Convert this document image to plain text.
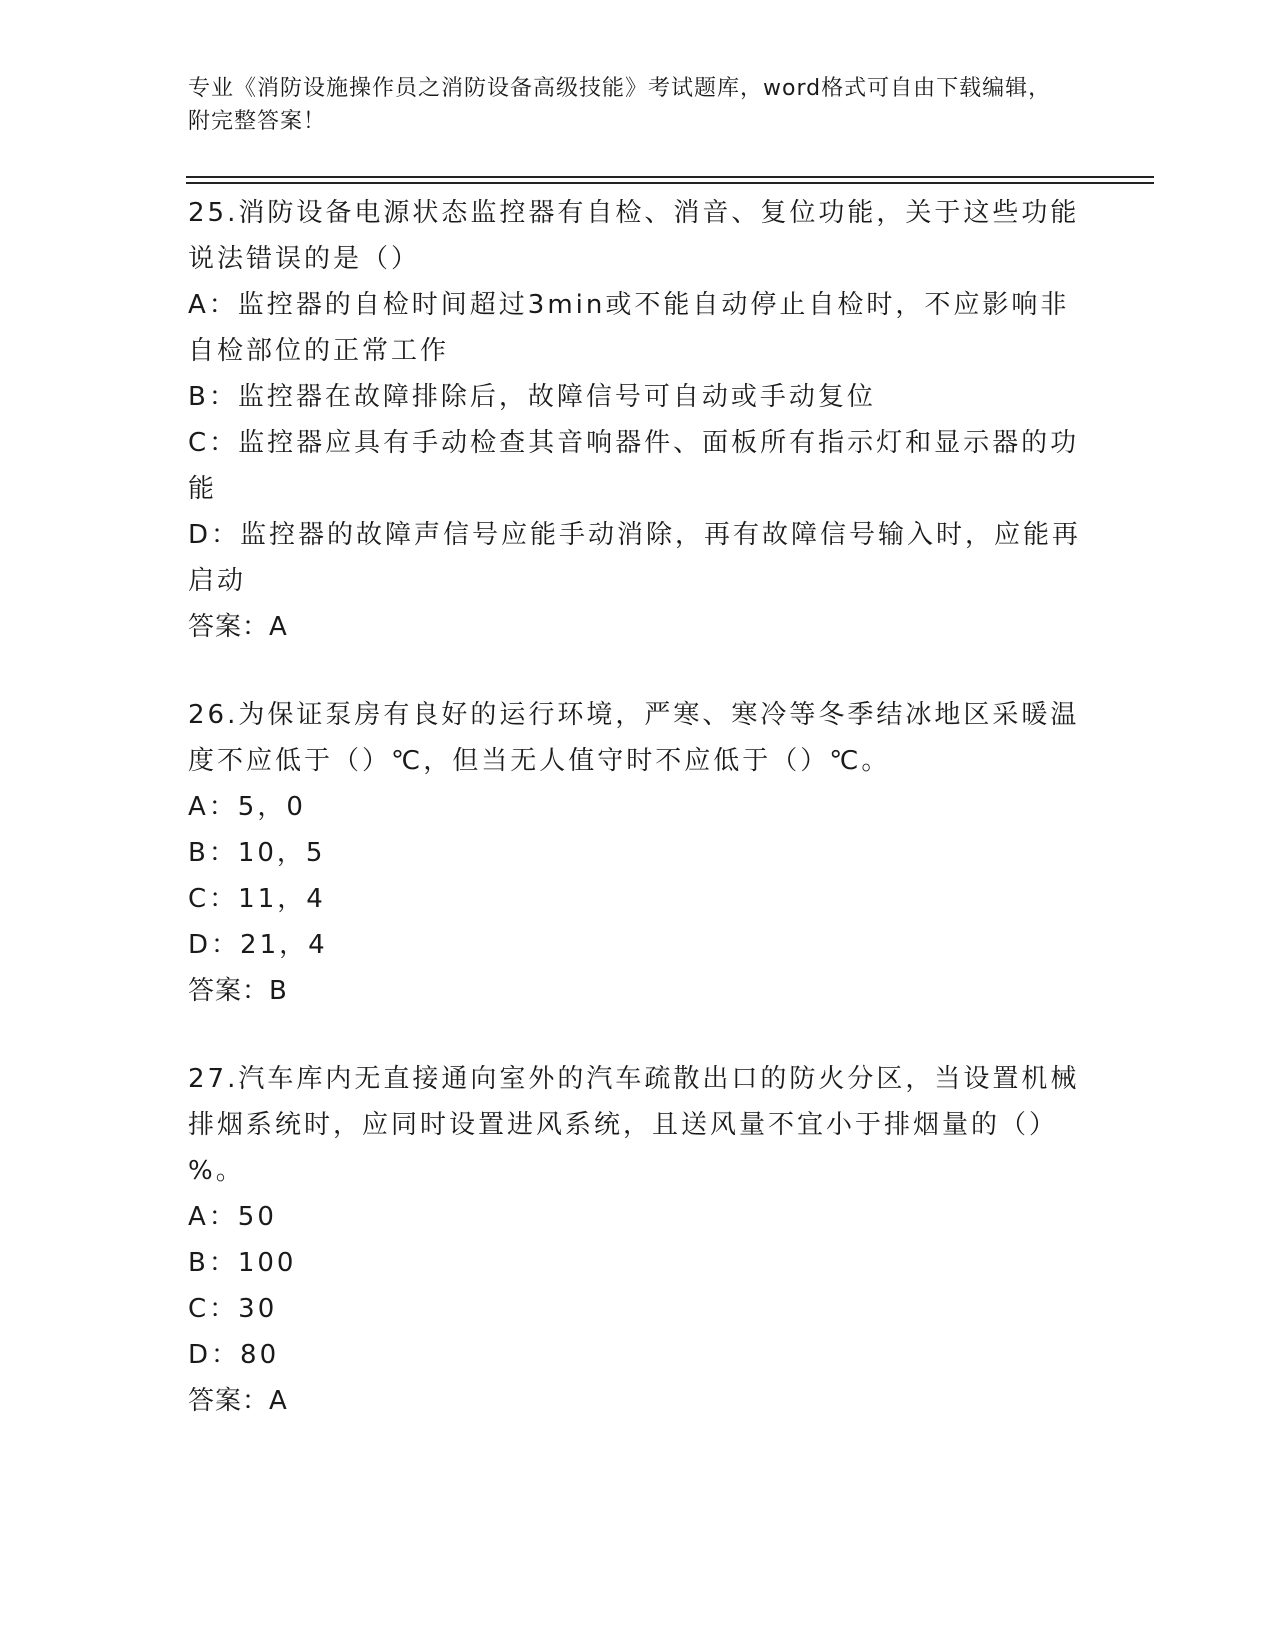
专业《消防设施操作员之消防设备高级技能》考试题库，word格式可自由下载编辑，附完整答案！

25.消防设备电源状态监控器有自检、消音、复位功能，关于这些功能说法错误的是（）

A：监控器的自检时间超过3min或不能自动停止自检时，不应影响非自检部位的正常工作

B：监控器在故障排除后，故障信号可自动或手动复位

C：监控器应具有手动检查其音响器件、面板所有指示灯和显示器的功能

D：监控器的故障声信号应能手动消除，再有故障信号输入时，应能再启动

答案：A

26.为保证泵房有良好的运行环境，严寒、寒冷等冬季结冰地区采暖温度不应低于（）℃，但当无人值守时不应低于（）℃。

A：5，0

B：10，5

C：11，4

D：21，4

答案：B

27.汽车库内无直接通向室外的汽车疏散出口的防火分区，当设置机械排烟系统时，应同时设置进风系统，且送风量不宜小于排烟量的（）%。

A：50

B：100

C：30

D：80

答案：A
